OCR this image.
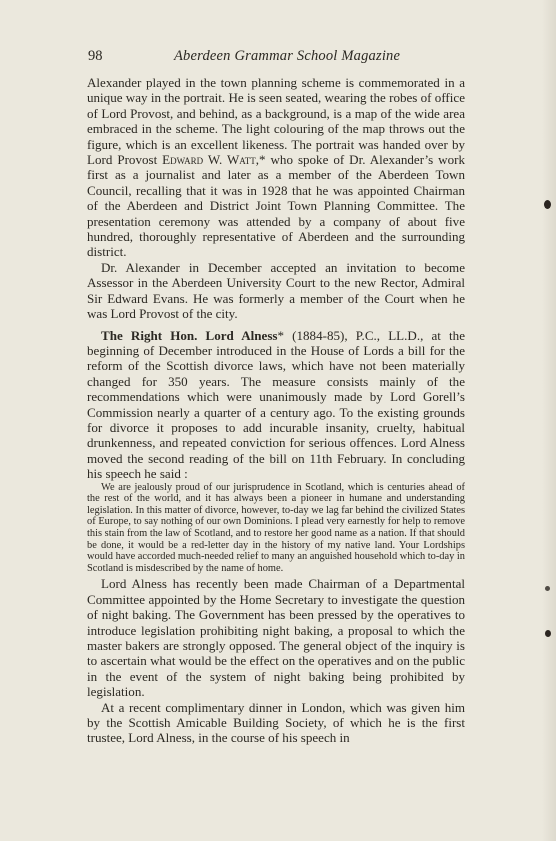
98	Aberdeen Grammar School Magazine

Alexander played in the town planning scheme is commemorated in a unique way in the portrait. He is seen seated, wearing the robes of office of Lord Provost, and behind, as a background, is a map of the wide area embraced in the scheme. The light colouring of the map throws out the figure, which is an excellent likeness. The portrait was handed over by Lord Provost Edward W. Watt,* who spoke of Dr. Alexander’s work first as a journalist and later as a member of the Aberdeen Town Council, recalling that it was in 1928 that he was appointed Chairman of the Aberdeen and District Joint Town Planning Committee. The presentation ceremony was attended by a company of about five hundred, thoroughly representative of Aberdeen and the surrounding district.

Dr. Alexander in December accepted an invitation to become Assessor in the Aberdeen University Court to the new Rector, Admiral Sir Edward Evans. He was formerly a member of the Court when he was Lord Provost of the city.

The Right Hon. Lord Alness* (1884-85), P.C., LL.D., at the beginning of December introduced in the House of Lords a bill for the reform of the Scottish divorce laws, which have not been materially changed for 350 years. The measure consists mainly of the recommendations which were unanimously made by Lord Gorell’s Commission nearly a quarter of a century ago. To the existing grounds for divorce it proposes to add incurable insanity, cruelty, habitual drunkenness, and repeated conviction for serious offences. Lord Alness moved the second reading of the bill on 11th February. In concluding his speech he said :

We are jealously proud of our jurisprudence in Scotland, which is centuries ahead of the rest of the world, and it has always been a pioneer in humane and understanding legislation. In this matter of divorce, however, to-day we lag far behind the civilized States of Europe, to say nothing of our own Dominions. I plead very earnestly for help to remove this stain from the law of Scotland, and to restore her good name as a nation. If that should be done, it would be a red-letter day in the history of my native land. Your Lordships would have accorded much-needed relief to many an anguished household which to-day in Scotland is misdescribed by the name of home.

Lord Alness has recently been made Chairman of a Departmental Committee appointed by the Home Secretary to investigate the question of night baking. The Government has been pressed by the operatives to introduce legislation prohibiting night baking, a proposal to which the master bakers are strongly opposed. The general object of the inquiry is to ascertain what would be the effect on the operatives and on the public in the event of the system of night baking being prohibited by legislation.

At a recent complimentary dinner in London, which was given him by the Scottish Amicable Building Society, of which he is the first trustee, Lord Alness, in the course of his speech in
